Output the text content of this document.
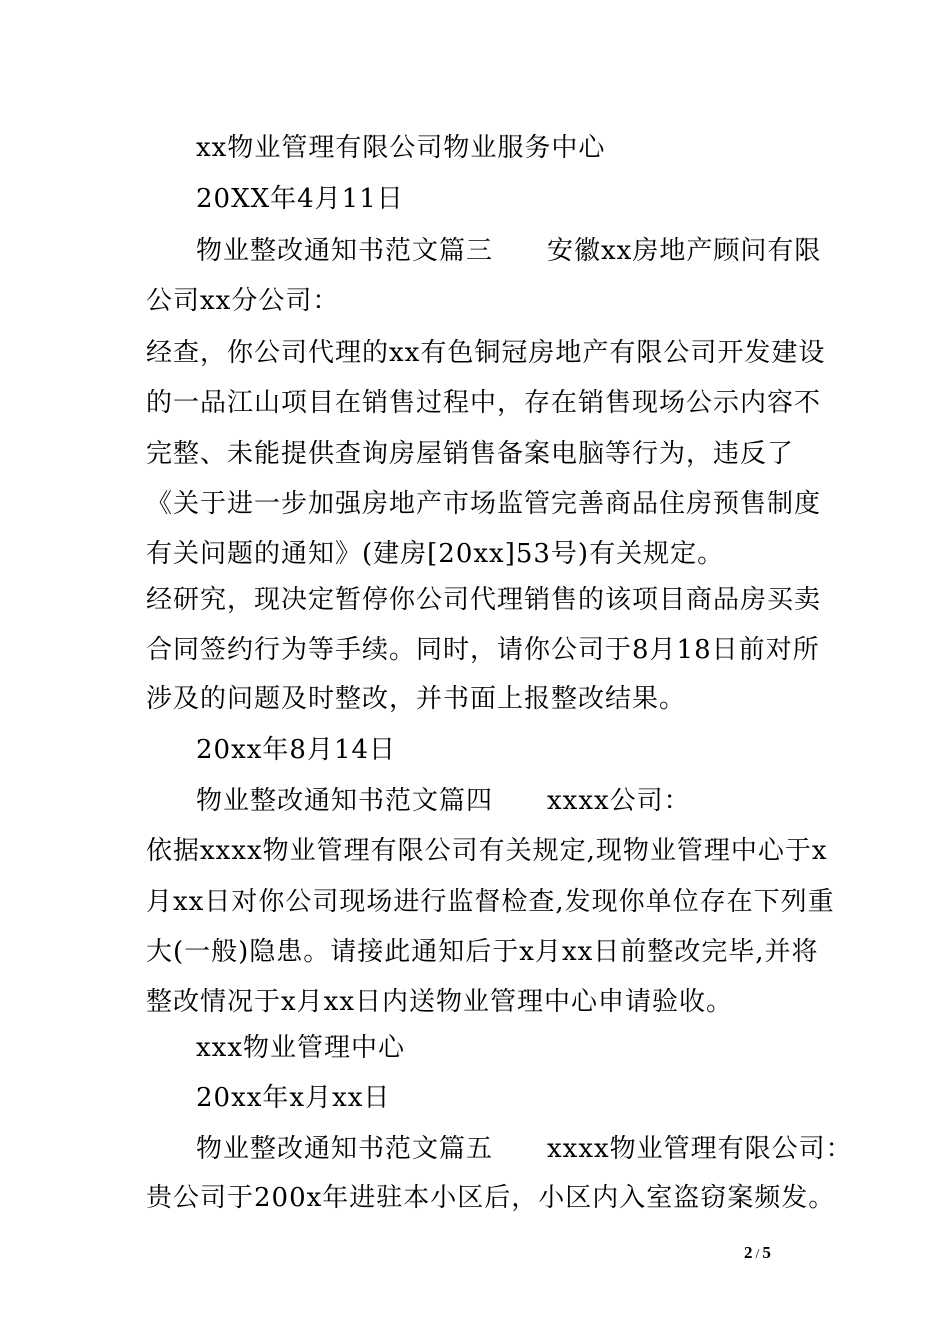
xx物业管理有限公司物业服务中心
20XX年4月11日
物业整改通知书范文篇三　　安徽xx房地产顾问有限
公司xx分公司：
经查，你公司代理的xx有色铜冠房地产有限公司开发建设
的一品江山项目在销售过程中，存在销售现场公示内容不
完整、未能提供查询房屋销售备案电脑等行为，违反了
《关于进一步加强房地产市场监管完善商品住房预售制度
有关问题的通知》(建房[20xx]53号)有关规定。
经研究，现决定暂停你公司代理销售的该项目商品房买卖
合同签约行为等手续。同时，请你公司于8月18日前对所
涉及的问题及时整改，并书面上报整改结果。
20xx年8月14日
物业整改通知书范文篇四　　xxxx公司：
依据xxxx物业管理有限公司有关规定,现物业管理中心于x
月xx日对你公司现场进行监督检查,发现你单位存在下列重
大(一般)隐患。请接此通知后于x月xx日前整改完毕,并将
整改情况于x月xx日内送物业管理中心申请验收。
xxx物业管理中心
20xx年x月xx日
物业整改通知书范文篇五　　xxxx物业管理有限公司：
贵公司于200x年进驻本小区后，小区内入室盗窃案频发。
2 / 5
